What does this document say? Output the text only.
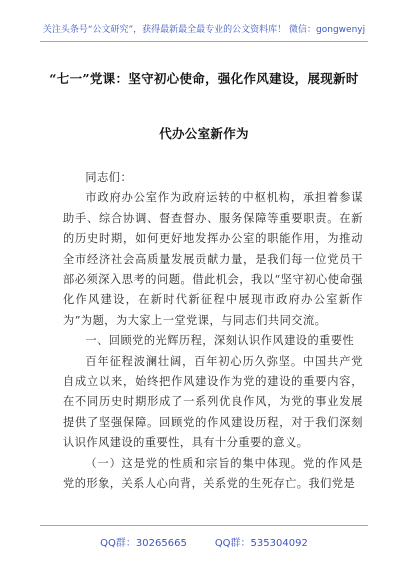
关注头条号“公文研究”，获得最新最全最专业的公文资料库！ 微信：gongwenyj
“七一”党课：坚守初心使命，强化作风建设，展现新时
代办公室新作为

同志们：

市政府办公室作为政府运转的中枢机构，承担着参谋助手、综合协调、督查督办、服务保障等重要职责。在新的历史时期，如何更好地发挥办公室的职能作用，为推动全市经济社会高质量发展贡献力量，是我们每一位党员干部必须深入思考的问题。借此机会，我以“坚守初心使命强化作风建设，在新时代新征程中展现市政府办公室新作为”为题，为大家上一堂党课，与同志们共同交流。

一、回顾党的光辉历程，深刻认识作风建设的重要性

百年征程波澜壮阔，百年初心历久弥坚。中国共产党自成立以来，始终把作风建设作为党的建设的重要内容，在不同历史时期形成了一系列优良作风，为党的事业发展提供了坚强保障。回顾党的作风建设历程，对于我们深刻认识作风建设的重要性，具有十分重要的意义。

（一）这是党的性质和宗旨的集中体现。党的作风是党的形象，关系人心向背，关系党的生死存亡。我们党是

QQ群：30265665	QQ群：535304092
